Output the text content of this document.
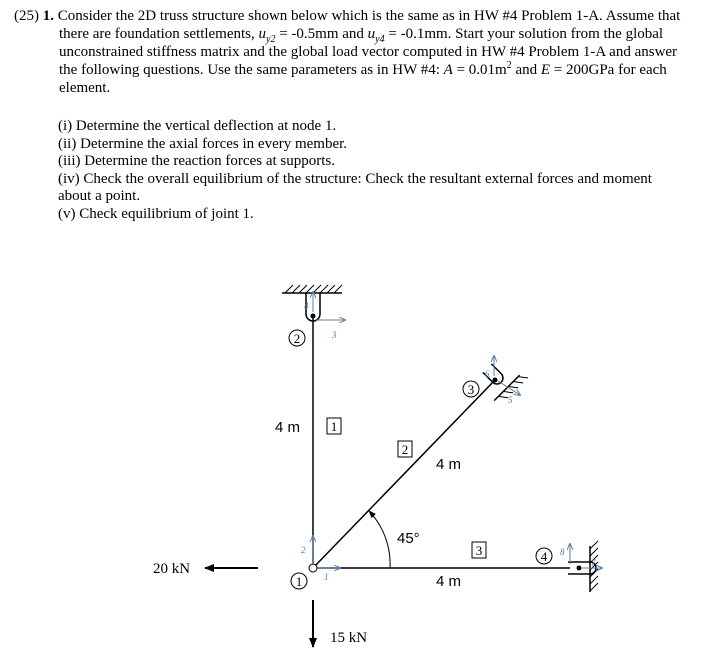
(25) 1. Consider the 2D truss structure shown below which is the same as in HW #4 Problem 1-A. Assume that there are foundation settlements, $u_{y2} = -0.5mm$ and $u_{y4} = -0.1mm$. Start your solution from the global unconstrained stiffness matrix and the global load vector computed in HW #4 Problem 1-A and answer the following questions. Use the same parameters as in HW #4: $A = 0.01m^2$ and E = 200GPa for each element.

(i) Determine the vertical deflection at node 1.

(ii) Determine the axial forces in every member.

(iii) Determine the reaction forces at supports.

(iv) Check the overall equilibrium of the structure: Check the resultant external forces and moment about a point.

(v) Check equilibrium of joint 1.

2
3
4
1
1
2
3
4 m
4 m
4 m
45°
20 kN
15 kN
1
2
3
4
5
6
7
8
